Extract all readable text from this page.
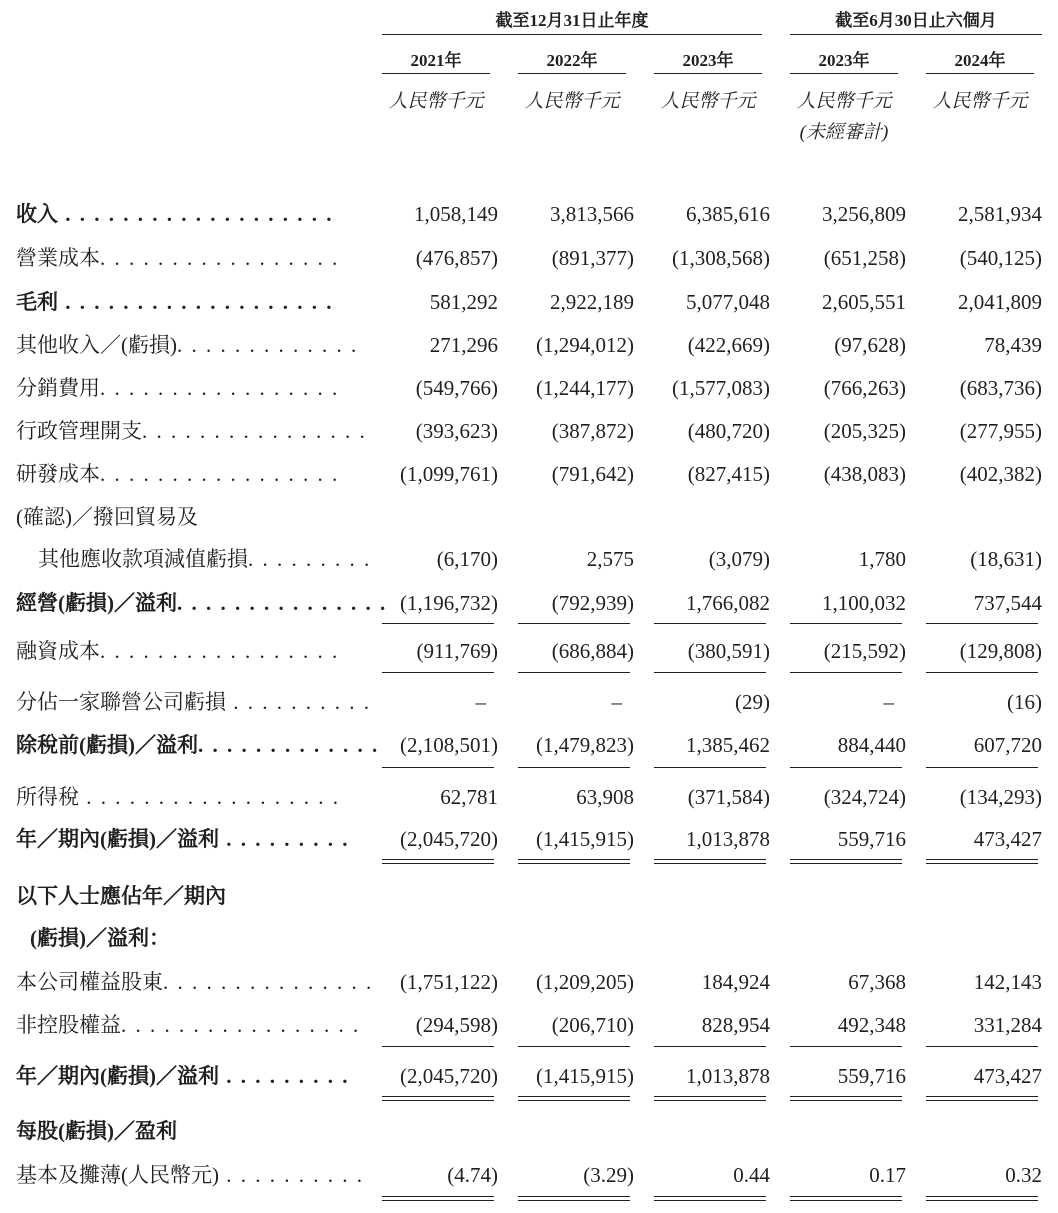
截至12月31日止年度	截至6月30日止六個月
2021年	2022年	2023年	2023年	2024年
人民幣千元	人民幣千元	人民幣千元	人民幣千元	人民幣千元
(未經審計)
收入 . . . . . . . . . . . . . . . . . . .	1,058,149	3,813,566	6,385,616	3,256,809	2,581,934
營業成本. . . . . . . . . . . . . . . . .	(476,857)	(891,377)	(1,308,568)	(651,258)	(540,125)
毛利 . . . . . . . . . . . . . . . . . . .	581,292	2,922,189	5,077,048	2,605,551	2,041,809
其他收入／(虧損). . . . . . . . . . . . .	271,296	(1,294,012)	(422,669)	(97,628)	78,439
分銷費用. . . . . . . . . . . . . . . . .	(549,766)	(1,244,177)	(1,577,083)	(766,263)	(683,736)
行政管理開支. . . . . . . . . . . . . . . .	(393,623)	(387,872)	(480,720)	(205,325)	(277,955)
研發成本. . . . . . . . . . . . . . . . .	(1,099,761)	(791,642)	(827,415)	(438,083)	(402,382)
(確認)／撥回貿易及
其他應收款項減值虧損. . . . . . . . .	(6,170)	2,575	(3,079)	1,780	(18,631)
經營(虧損)／溢利. . . . . . . . . . . . . . . (1,196,732)	(792,939)	1,766,082	1,100,032	737,544
融資成本. . . . . . . . . . . . . . . . .	(911,769)	(686,884)	(380,591)	(215,592)	(129,808)
分佔一家聯營公司虧損 . . . . . . . . . .	–	–	(29)	–	(16)
除稅前(虧損)／溢利. . . . . . . . . . . . . (2,108,501)	(1,479,823)	1,385,462	884,440	607,720
所得稅 . . . . . . . . . . . . . . . . . .	62,781	63,908	(371,584)	(324,724)	(134,293)
年／期內(虧損)／溢利 . . . . . . . . .	(2,045,720)	(1,415,915)	1,013,878	559,716	473,427
以下人士應佔年／期內
(虧損)／溢利：
本公司權益股東. . . . . . . . . . . . . . .	(1,751,122)	(1,209,205)	184,924	67,368	142,143
非控股權益. . . . . . . . . . . . . . . . .	(294,598)	(206,710)	828,954	492,348	331,284
年／期內(虧損)／溢利 . . . . . . . . .	(2,045,720)	(1,415,915)	1,013,878	559,716	473,427
每股(虧損)／盈利
基本及攤薄(人民幣元) . . . . . . . . . .	(4.74)	(3.29)	0.44	0.17	0.32
